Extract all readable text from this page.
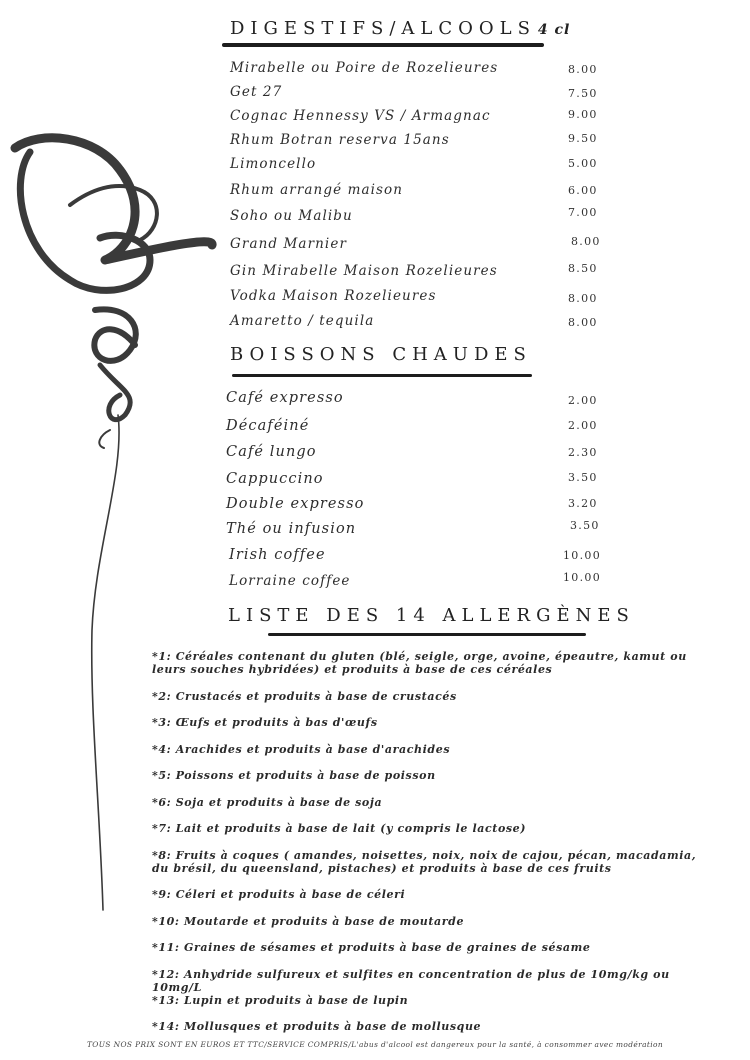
DIGESTIFS/ALCOOLS 4 cl
Mirabelle ou Poire de Rozelieures	8.00
Get 27	7.50
Cognac Hennessy VS / Armagnac	9.00
Rhum Botran reserva 15ans	9.50
Limoncello	5.00
Rhum arrangé maison	6.00
Soho ou Malibu	7.00
Grand Marnier	8.00
Gin Mirabelle Maison Rozelieures	8.50
Vodka Maison Rozelieures	8.00
Amaretto / tequila	8.00
BOISSONS CHAUDES
Café expresso	2.00
Décaféiné	2.00
Café lungo	2.30
Cappuccino	3.50
Double expresso	3.20
Thé ou infusion	3.50
Irish coffee	10.00
Lorraine coffee	10.00
LISTE DES 14 ALLERGÈNES
*1: Céréales contenant du gluten (blé, seigle, orge, avoine, épeautre, kamut ou leurs souches hybridées) et produits à base de ces céréales
*2: Crustacés et produits à base de crustacés
*3: Œufs et produits à bas d'œufs
*4: Arachides et produits à base d'arachides
*5: Poissons et produits à base de poisson
*6: Soja et produits à base de soja
*7: Lait et produits à base de lait (y compris le lactose)
*8: Fruits à coques ( amandes, noisettes, noix, noix de cajou, pécan, macadamia, du brésil, du queensland, pistaches) et produits à base de ces fruits
*9: Céleri et produits à base de céleri
*10: Moutarde et produits à base de moutarde
*11: Graines de sésames et produits à base de graines de sésame
*12: Anhydride sulfureux et sulfites en concentration de plus de 10mg/kg ou 10mg/L
*13: Lupin et produits à base de lupin
*14: Mollusques et produits à base de mollusque
TOUS NOS PRIX SONT EN EUROS ET TTC/SERVICE COMPRIS/L'abus d'alcool est dangereux pour la santé, à consommer avec modération
